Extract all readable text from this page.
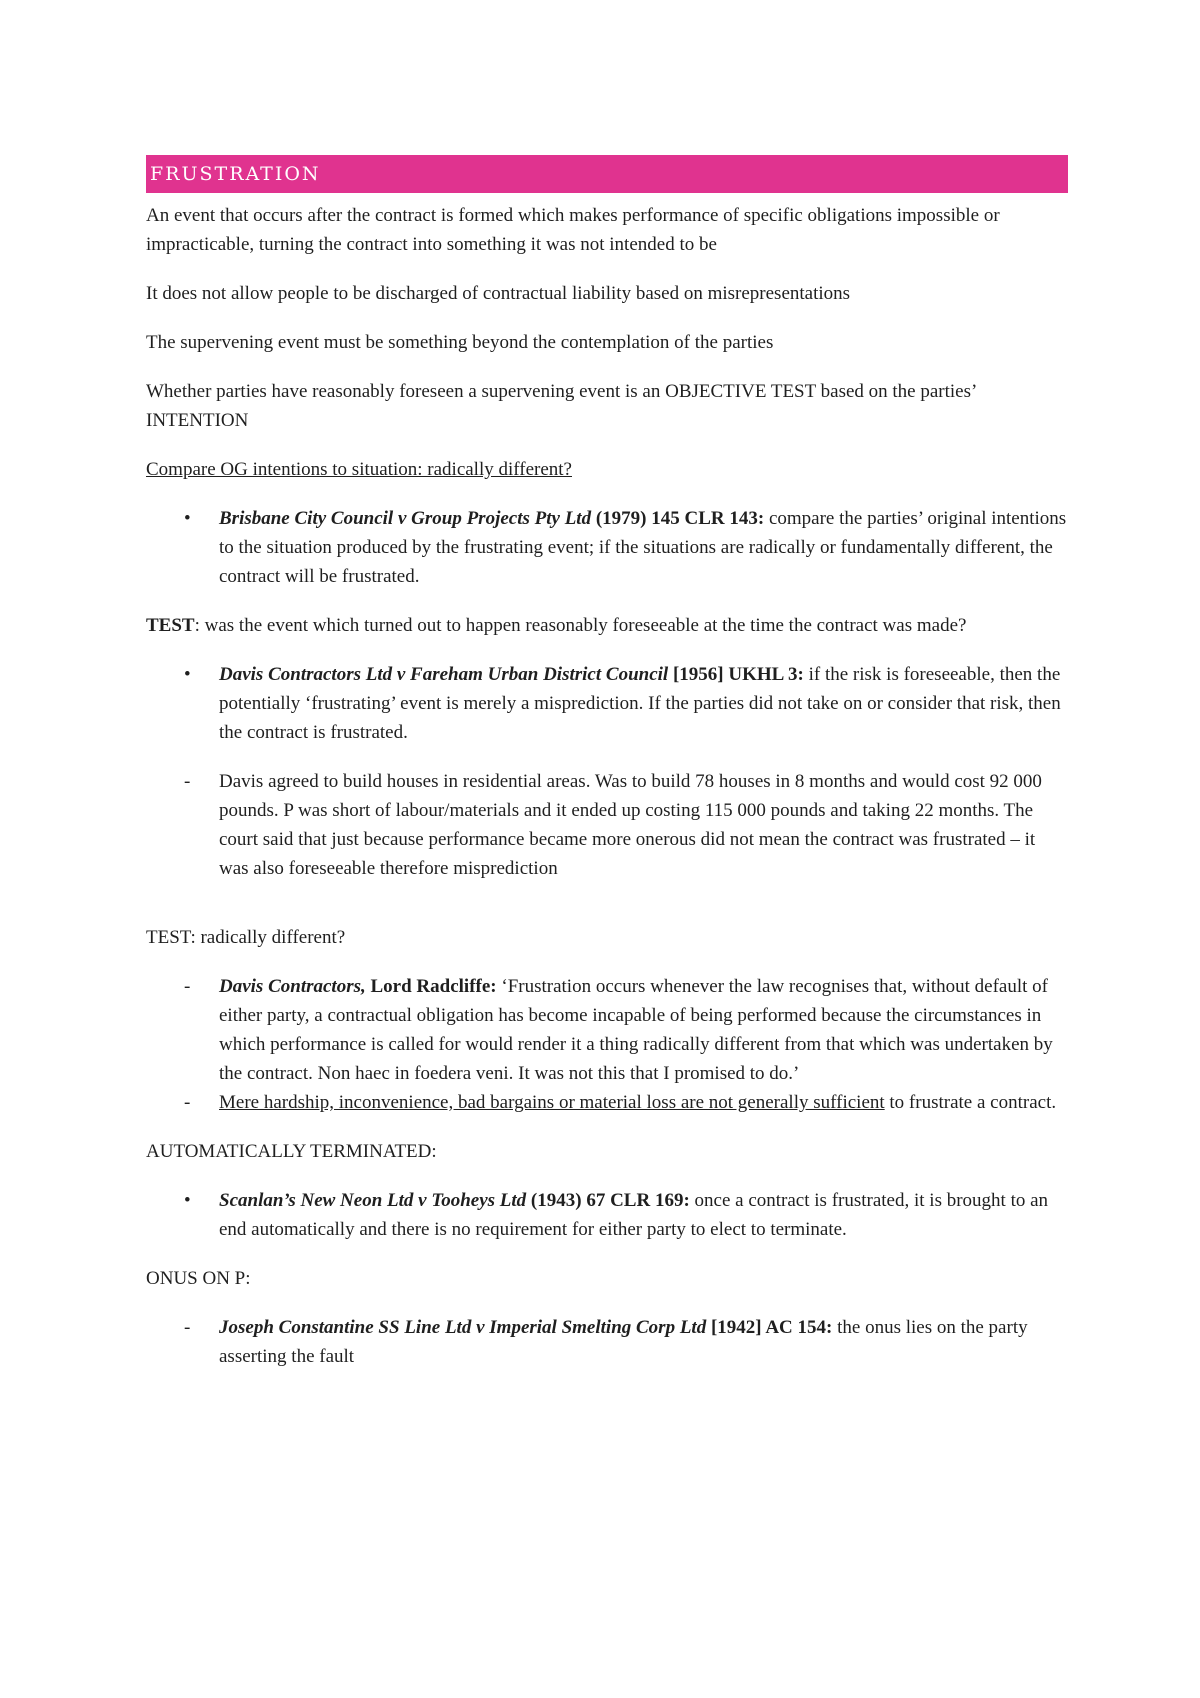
FRUSTRATION

An event that occurs after the contract is formed which makes performance of specific obligations impossible or impracticable, turning the contract into something it was not intended to be

It does not allow people to be discharged of contractual liability based on misrepresentations

The supervening event must be something beyond the contemplation of the parties

Whether parties have reasonably foreseen a supervening event is an OBJECTIVE TEST based on the parties’ INTENTION

Compare OG intentions to situation: radically different?

• Brisbane City Council v Group Projects Pty Ltd (1979) 145 CLR 143: compare the parties’ original intentions to the situation produced by the frustrating event; if the situations are radically or fundamentally different, the contract will be frustrated.

TEST: was the event which turned out to happen reasonably foreseeable at the time the contract was made?

• Davis Contractors Ltd v Fareham Urban District Council [1956] UKHL 3: if the risk is foreseeable, then the potentially ‘frustrating’ event is merely a misprediction. If the parties did not take on or consider that risk, then the contract is frustrated.
- Davis agreed to build houses in residential areas. Was to build 78 houses in 8 months and would cost 92 000 pounds. P was short of labour/materials and it ended up costing 115 000 pounds and taking 22 months. The court said that just because performance became more onerous did not mean the contract was frustrated – it was also foreseeable therefore misprediction

TEST: radically different?

- Davis Contractors, Lord Radcliffe: ‘Frustration occurs whenever the law recognises that, without default of either party, a contractual obligation has become incapable of being performed because the circumstances in which performance is called for would render it a thing radically different from that which was undertaken by the contract. Non haec in foedera veni. It was not this that I promised to do.’
- Mere hardship, inconvenience, bad bargains or material loss are not generally sufficient to frustrate a contract.

AUTOMATICALLY TERMINATED:

• Scanlan’s New Neon Ltd v Tooheys Ltd (1943) 67 CLR 169: once a contract is frustrated, it is brought to an end automatically and there is no requirement for either party to elect to terminate.

ONUS ON P:

- Joseph Constantine SS Line Ltd v Imperial Smelting Corp Ltd [1942] AC 154: the onus lies on the party asserting the fault
